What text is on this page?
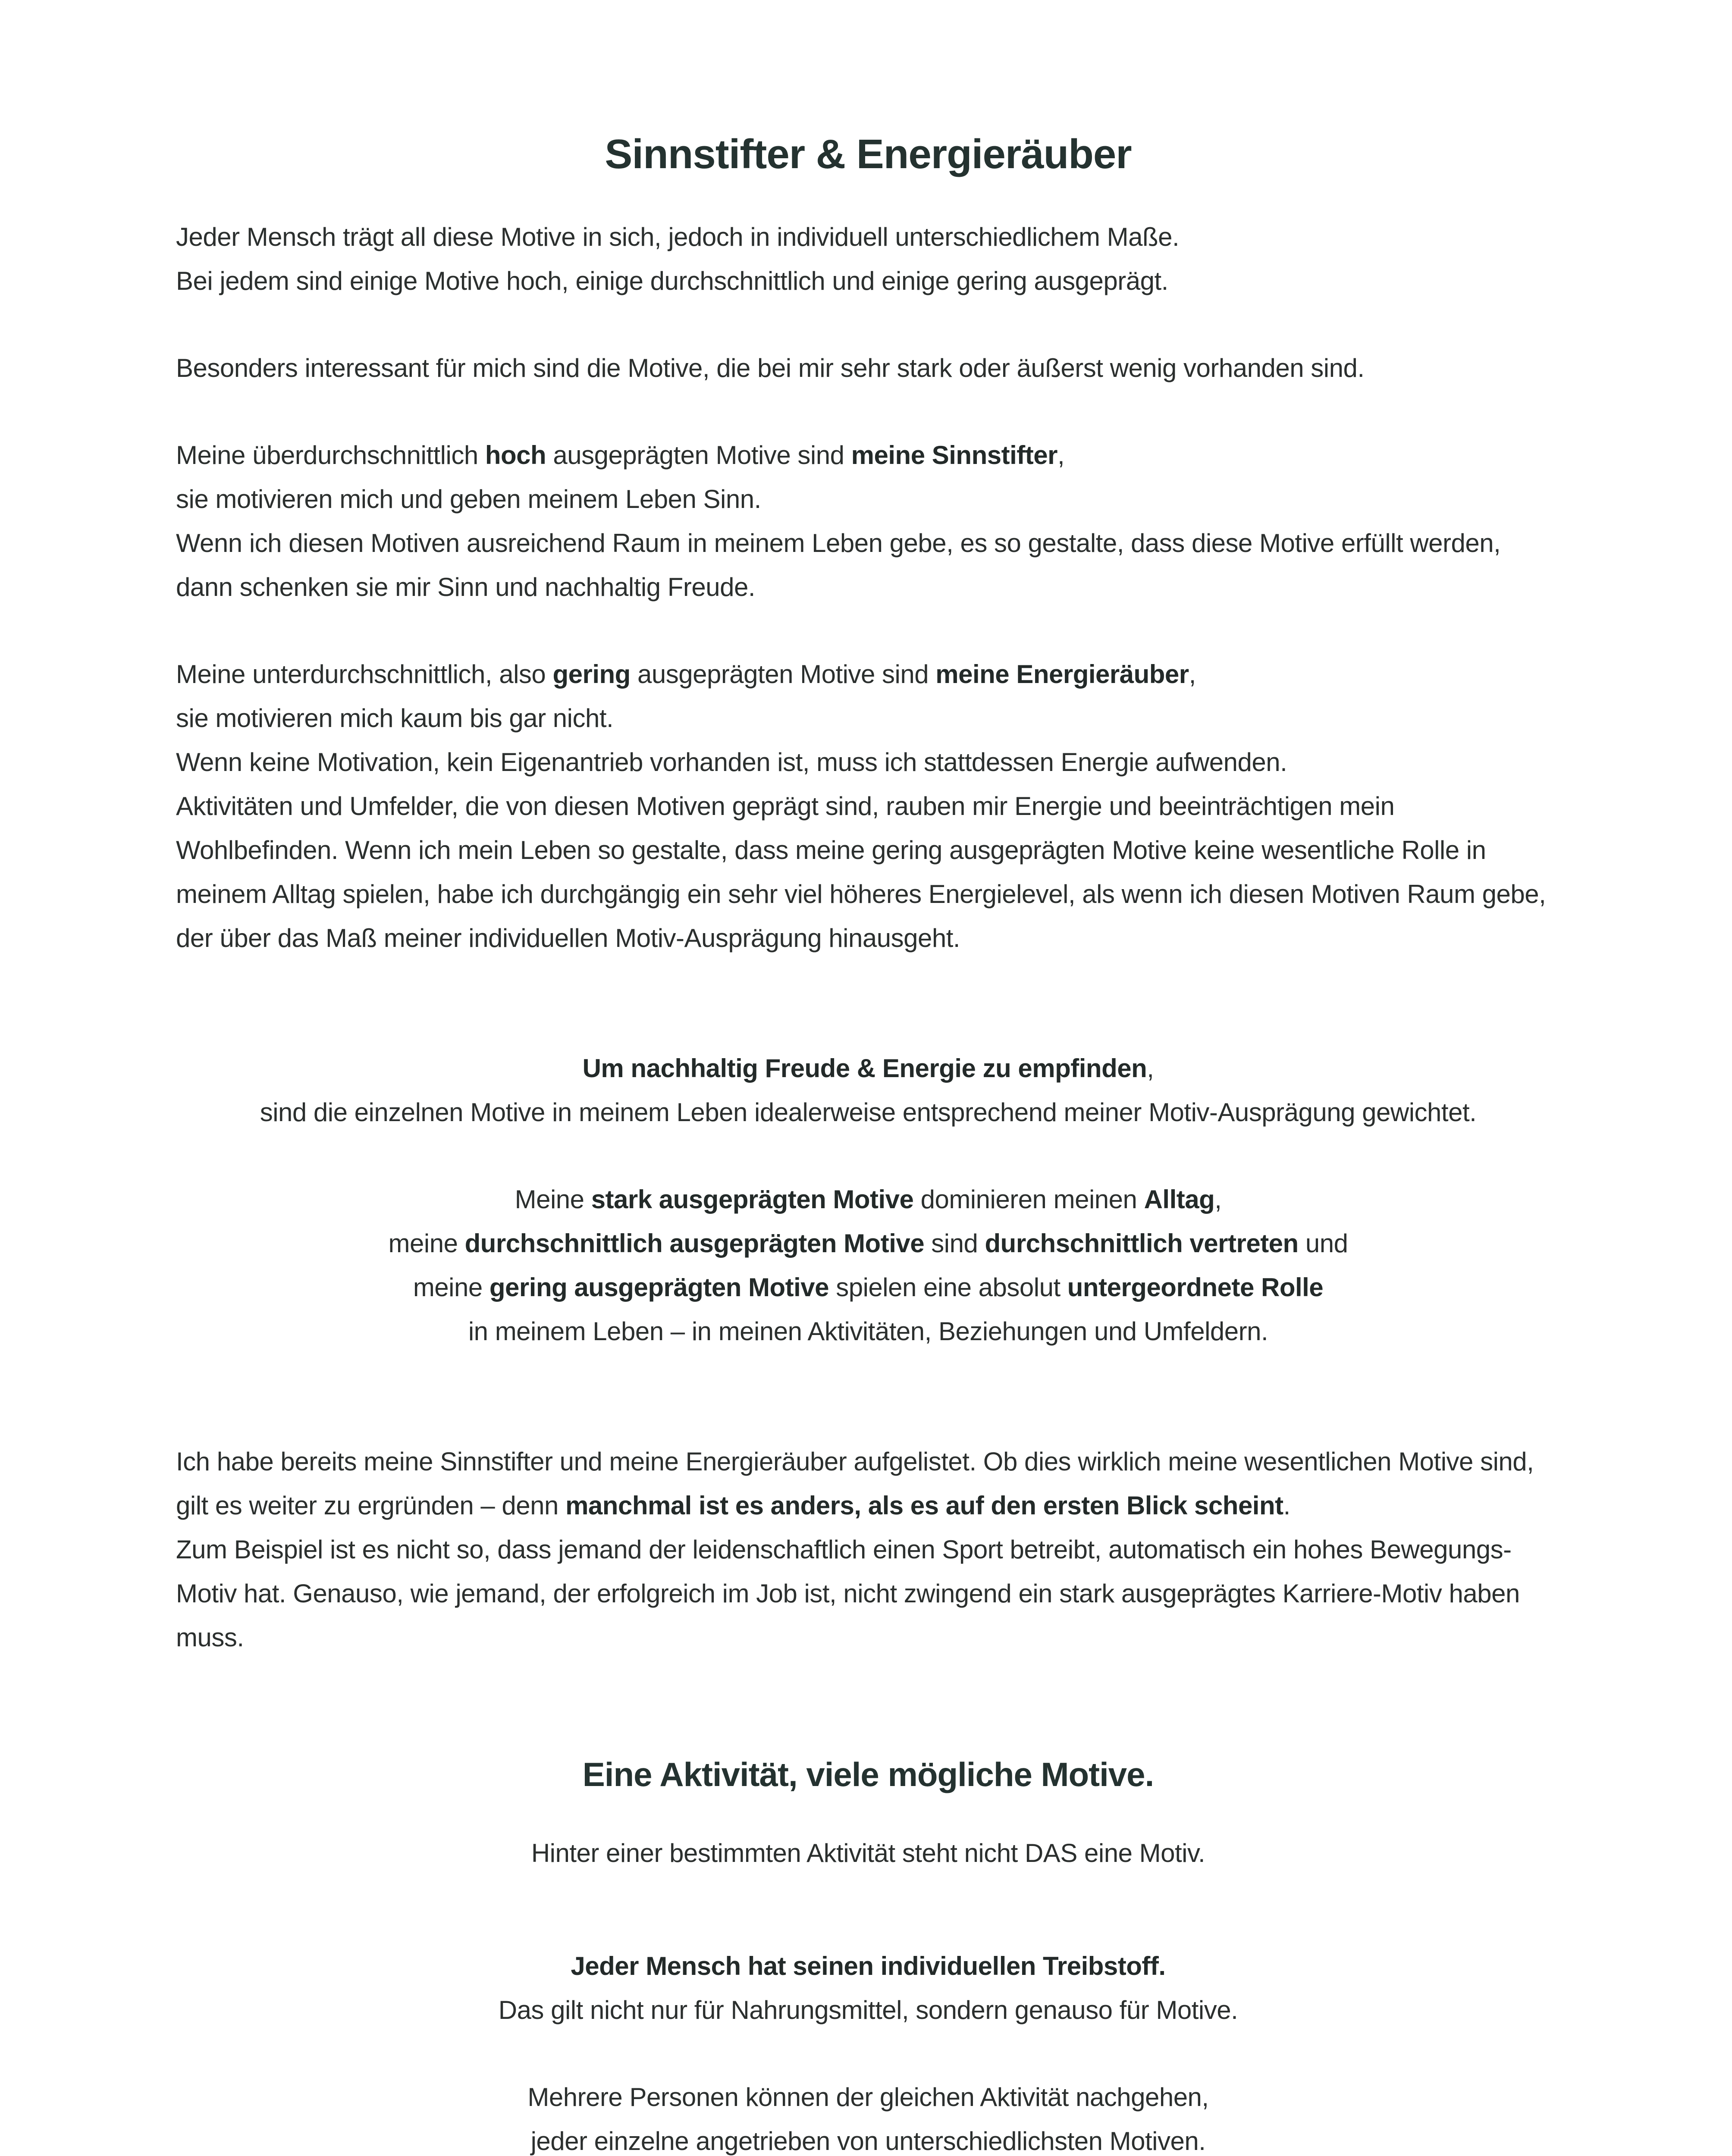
Sinnstifter & Energieräuber

Jeder Mensch trägt all diese Motive in sich, jedoch in individuell unterschiedlichem Maße.
Bei jedem sind einige Motive hoch, einige durchschnittlich und einige gering ausgeprägt.

Besonders interessant für mich sind die Motive, die bei mir sehr stark oder äußerst wenig vorhanden sind.

Meine überdurchschnittlich hoch ausgeprägten Motive sind meine Sinnstifter,
sie motivieren mich und geben meinem Leben Sinn.
Wenn ich diesen Motiven ausreichend Raum in meinem Leben gebe, es so gestalte, dass diese Motive erfüllt werden, dann schenken sie mir Sinn und nachhaltig Freude.

Meine unterdurchschnittlich, also gering ausgeprägten Motive sind meine Energieräuber,
sie motivieren mich kaum bis gar nicht.
Wenn keine Motivation, kein Eigenantrieb vorhanden ist, muss ich stattdessen Energie aufwenden.
Aktivitäten und Umfelder, die von diesen Motiven geprägt sind, rauben mir Energie und beeinträchtigen mein Wohlbefinden. Wenn ich mein Leben so gestalte, dass meine gering ausgeprägten Motive keine wesentliche Rolle in meinem Alltag spielen, habe ich durchgängig ein sehr viel höheres Energielevel, als wenn ich diesen Motiven Raum gebe, der über das Maß meiner individuellen Motiv-Ausprägung hinausgeht.

Um nachhaltig Freude & Energie zu empfinden,
sind die einzelnen Motive in meinem Leben idealerweise entsprechend meiner Motiv-Ausprägung gewichtet.

Meine stark ausgeprägten Motive dominieren meinen Alltag,
meine durchschnittlich ausgeprägten Motive sind durchschnittlich vertreten und
meine gering ausgeprägten Motive spielen eine absolut untergeordnete Rolle
in meinem Leben – in meinen Aktivitäten, Beziehungen und Umfeldern.

Ich habe bereits meine Sinnstifter und meine Energieräuber aufgelistet. Ob dies wirklich meine wesentlichen Motive sind, gilt es weiter zu ergründen – denn manchmal ist es anders, als es auf den ersten Blick scheint.
Zum Beispiel ist es nicht so, dass jemand der leidenschaftlich einen Sport betreibt, automatisch ein hohes Bewegungs-Motiv hat. Genauso, wie jemand, der erfolgreich im Job ist, nicht zwingend ein stark ausgeprägtes Karriere-Motiv haben muss.

Eine Aktivität, viele mögliche Motive.

Hinter einer bestimmten Aktivität steht nicht DAS eine Motiv.

Jeder Mensch hat seinen individuellen Treibstoff.
Das gilt nicht nur für Nahrungsmittel, sondern genauso für Motive.

Mehrere Personen können der gleichen Aktivität nachgehen,
jeder einzelne angetrieben von unterschiedlichsten Motiven.
